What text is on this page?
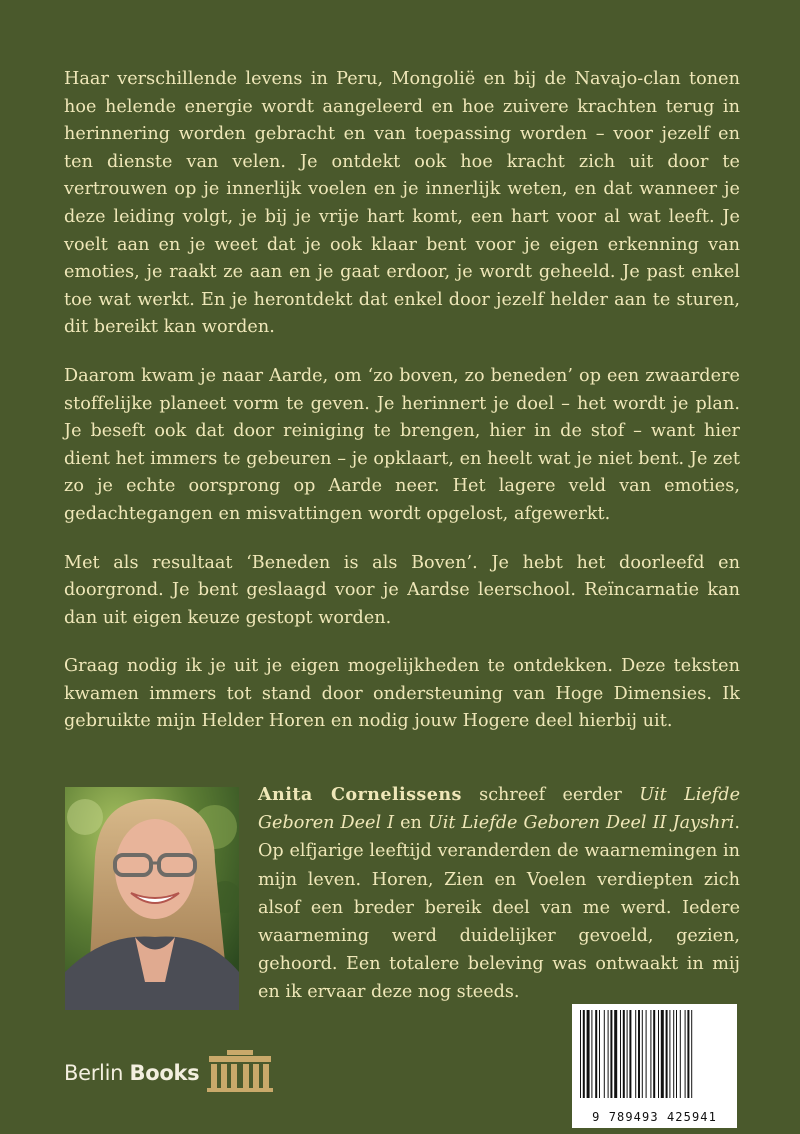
Haar verschillende levens in Peru, Mongolië en bij de Navajo-clan tonen hoe helende energie wordt aangeleerd en hoe zuivere krachten terug in herinnering worden gebracht en van toepassing worden – voor jezelf en ten dienste van velen. Je ontdekt ook hoe kracht zich uit door te vertrouwen op je innerlijk voelen en je innerlijk weten, en dat wanneer je deze leiding volgt, je bij je vrije hart komt, een hart voor al wat leeft. Je voelt aan en je weet dat je ook klaar bent voor je eigen erkenning van emoties, je raakt ze aan en je gaat erdoor, je wordt geheeld. Je past enkel toe wat werkt. En je herontdekt dat enkel door jezelf helder aan te sturen, dit bereikt kan worden.

Daarom kwam je naar Aarde, om ‘zo boven, zo beneden’ op een zwaardere stoffelijke planeet vorm te geven. Je herinnert je doel – het wordt je plan. Je beseft ook dat door reiniging te brengen, hier in de stof – want hier dient het immers te gebeuren – je opklaart, en heelt wat je niet bent. Je zet zo je echte oorsprong op Aarde neer. Het lagere veld van emoties, gedachtegangen en misvattingen wordt opgelost, afgewerkt.

Met als resultaat ‘Beneden is als Boven’. Je hebt het doorleefd en doorgrond. Je bent geslaagd voor je Aardse leerschool. Reïncarnatie kan dan uit eigen keuze gestopt worden.

Graag nodig ik je uit je eigen mogelijkheden te ontdekken. Deze teksten kwamen immers tot stand door ondersteuning van Hoge Dimensies. Ik gebruikte mijn Helder Horen en nodig jouw Hogere deel hierbij uit.

Anita Cornelissens schreef eerder Uit Liefde Geboren Deel I en Uit Liefde Geboren Deel II Jayshri. Op elfjarige leeftijd veranderden de waarnemingen in mijn leven. Horen, Zien en Voelen verdiepten zich alsof een breder bereik deel van me werd. Iedere waarneming werd duidelijker gevoeld, gezien, gehoord. Een totalere beleving was ontwaakt in mij en ik ervaar deze nog steeds.
Berlin Books
9 789493 425941
